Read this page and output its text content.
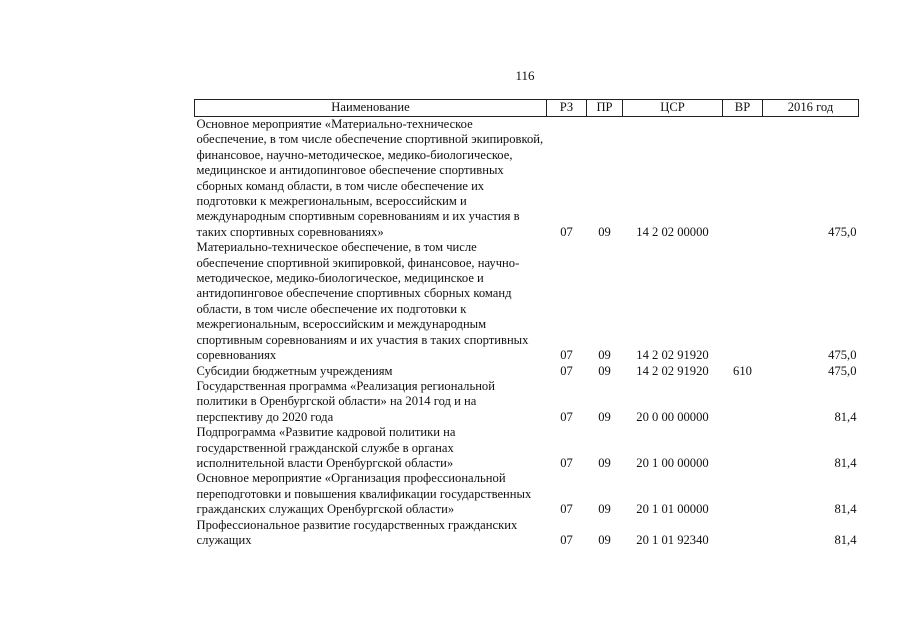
116
Наименование	РЗ	ПР	ЦСР	ВР	2016 год
Основное мероприятие «Материально-техническое обеспечение, в том числе обеспечение спортивной экипировкой, финансовое, научно-методическое, медико-биологическое, медицинское и антидопинговое обеспечение спортивных сборных команд области, в том числе обеспечение их подготовки к межрегиональным, всероссийским и международным спортивным соревнованиям и их участия в таких спортивных соревнованиях»	07	09	14 2 02 00000		475,0
Материально-техническое обеспечение, в том числе обеспечение спортивной экипировкой, финансовое, научно-методическое, медико-биологическое, медицинское и антидопинговое обеспечение спортивных сборных команд области, в том числе обеспечение их подготовки к межрегиональным, всероссийским и международным спортивным соревнованиям и их участия в таких спортивных соревнованиях	07	09	14 2 02 91920		475,0
Субсидии бюджетным учреждениям	07	09	14 2 02 91920	610	475,0
Государственная программа «Реализация региональной политики в Оренбургской области» на 2014 год и на перспективу до 2020 года	07	09	20 0 00 00000		81,4
Подпрограмма «Развитие кадровой политики на государственной гражданской службе в органах исполнительной власти Оренбургской области»	07	09	20 1 00 00000		81,4
Основное мероприятие «Организация профессиональной переподготовки и повышения квалификации государственных гражданских служащих Оренбургской области»	07	09	20 1 01 00000		81,4
Профессиональное развитие государственных гражданских служащих	07	09	20 1 01 92340		81,4
